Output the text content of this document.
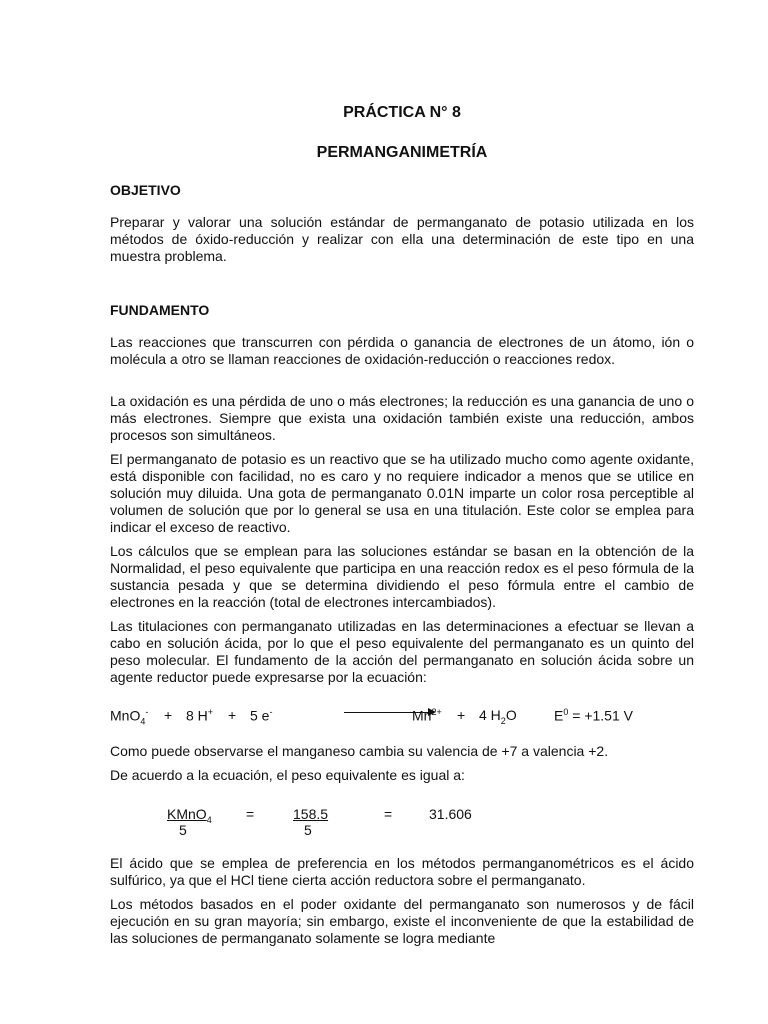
PRÁCTICA N° 8
PERMANGANIMETRÍA
OBJETIVO
Preparar y valorar una solución estándar de permanganato de potasio utilizada en los métodos de óxido-reducción y realizar con ella una determinación de este tipo en una muestra problema.
FUNDAMENTO
Las reacciones que transcurren con pérdida o ganancia de electrones de un átomo, ión o molécula a otro se llaman reacciones de oxidación-reducción o reacciones redox.
La oxidación es una pérdida de uno o más electrones; la reducción es una ganancia de uno o más electrones. Siempre que exista una oxidación también existe una reducción, ambos procesos son simultáneos.
El permanganato de potasio es un reactivo que se ha utilizado mucho como agente oxidante, está disponible con facilidad, no es caro y no requiere indicador a menos que se utilice en solución muy diluida. Una gota de permanganato 0.01N imparte un color rosa perceptible al volumen de solución que por lo general se usa en una titulación. Este color se emplea para indicar el exceso de reactivo.
Los cálculos que se emplean para las soluciones estándar se basan en la obtención de la Normalidad, el peso equivalente que participa en una reacción redox es el peso fórmula de la sustancia pesada y que se determina dividiendo el peso fórmula entre el cambio de electrones en la reacción (total de electrones intercambiados).
Las titulaciones con permanganato utilizadas en las determinaciones a efectuar se llevan a cabo en solución ácida, por lo que el peso equivalente del permanganato es un quinto del peso molecular. El fundamento de la acción del permanganato en solución ácida sobre un agente reductor puede expresarse por la ecuación:
MnO$_4$- + 8 H+ + 5 e-	$Mn^{2+} + 4$ $H_2O$	$E^0 = +1.51$ V
Como puede observarse el manganeso cambia su valencia de +7 a valencia +2.
De acuerdo a la ecuación, el peso equivalente es igual a:
KMnO$_4$
5
=	158.5
5
=	31.606
El ácido que se emplea de preferencia en los métodos permanganométricos es el ácido sulfúrico, ya que el HCl tiene cierta acción reductora sobre el permanganato.
Los métodos basados en el poder oxidante del permanganato son numerosos y de fácil ejecución en su gran mayoría; sin embargo, existe el inconveniente de que la estabilidad de las soluciones de permanganato solamente se logra mediante
